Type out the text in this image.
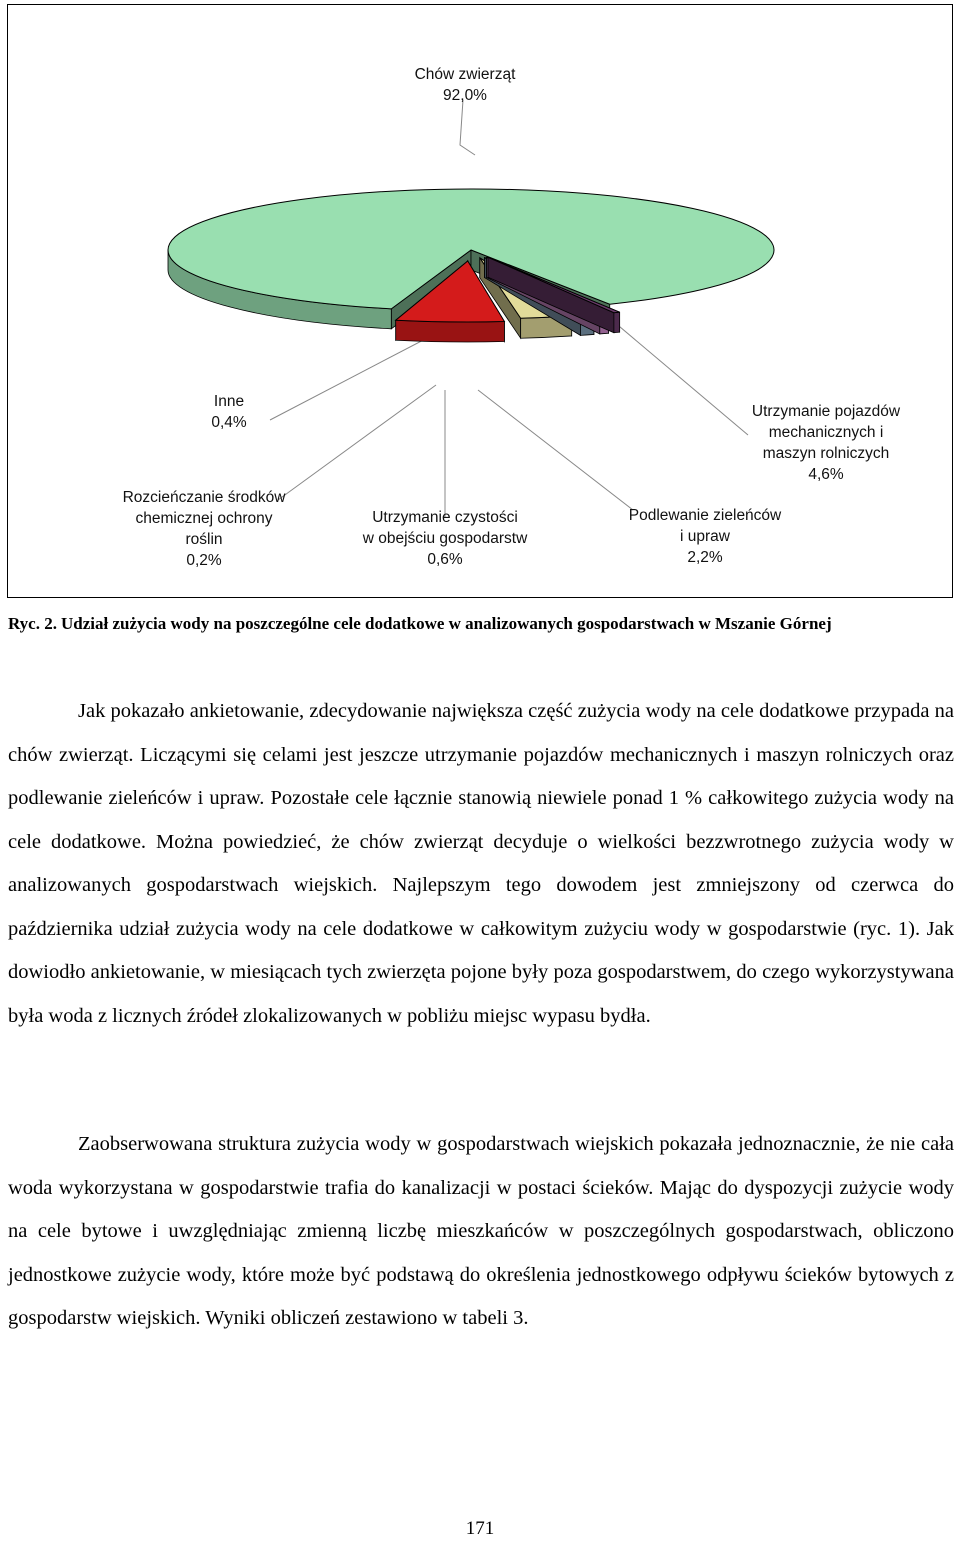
Chów zwierząt 92,0%
Utrzymanie pojazdów mechanicznych i maszyn rolniczych 4,6%
Podlewanie zieleńców i upraw 2,2%
Utrzymanie czystości w obejściu gospodarstw 0,6%
Rozcieńczanie środków chemicznej ochrony roślin 0,2%
Inne 0,4%

Ryc. 2. Udział zużycia wody na poszczególne cele dodatkowe w analizowanych gospodarstwach w Mszanie Górnej

Jak pokazało ankietowanie, zdecydowanie największa część zużycia wody na cele dodatkowe przypada na chów zwierząt. Liczącymi się celami jest jeszcze utrzymanie pojazdów mechanicznych i maszyn rolniczych oraz podlewanie zieleńców i upraw. Pozostałe cele łącznie stanowią niewiele ponad 1 % całkowitego zużycia wody na cele dodatkowe. Można powiedzieć, że chów zwierząt decyduje o wielkości bezzwrotnego zużycia wody w analizowanych gospodarstwach wiejskich. Najlepszym tego dowodem jest zmniejszony od czerwca do października udział zużycia wody na cele dodatkowe w całkowitym zużyciu wody w gospodarstwie (ryc. 1). Jak dowiodło ankietowanie, w miesiącach tych zwierzęta pojone były poza gospodarstwem, do czego wykorzystywana była woda z licznych źródeł zlokalizowanych w pobliżu miejsc wypasu bydła.

Zaobserwowana struktura zużycia wody w gospodarstwach wiejskich pokazała jednoznacznie, że nie cała woda wykorzystana w gospodarstwie trafia do kanalizacji w postaci ścieków. Mając do dyspozycji zużycie wody na cele bytowe i uwzględniając zmienną liczbę mieszkańców w poszczególnych gospodarstwach, obliczono jednostkowe zużycie wody, które może być podstawą do określenia jednostkowego odpływu ścieków bytowych z gospodarstw wiejskich. Wyniki obliczeń zestawiono w tabeli 3.

171
